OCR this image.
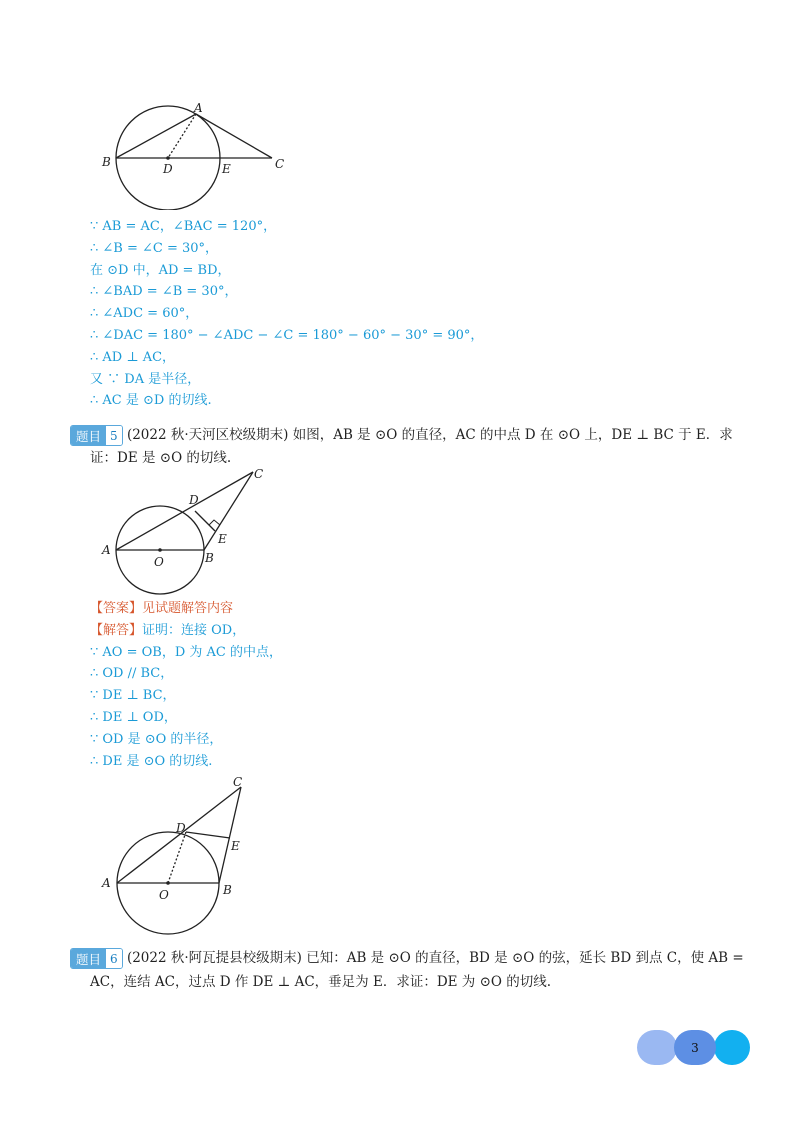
A
B	D	E	C
∵ AB = AC，∠BAC = 120°，
∴ ∠B = ∠C = 30°，
在 ⊙D 中，AD = BD，
∴ ∠BAD = ∠B = 30°，
∴ ∠ADC = 60°，
∴ ∠DAC = 180° − ∠ADC − ∠C = 180° − 60° − 30° = 90°，
∴ AD ⊥ AC，
又 ∵ DA 是半径，
∴ AC 是 ⊙D 的切线.
题目 5 (2022 秋·天河区校级期末) 如图，AB 是 ⊙O 的直径，AC 的中点 D 在 ⊙O 上，DE ⊥ BC 于 E．求
证：DE 是 ⊙O 的切线.
A
O	B
E
D
C
【答案】见试题解答内容
【解答】证明：连接 OD，
∵ AO = OB，D 为 AC 的中点，
∴ OD // BC，
∵ DE ⊥ BC，
∴ DE ⊥ OD，
∵ OD 是 ⊙O 的半径，
∴ DE 是 ⊙O 的切线.
A
O	B
E
D
C
题目 6 (2022 秋·阿瓦提县校级期末) 已知：AB 是 ⊙O 的直径，BD 是 ⊙O 的弦，延长 BD 到点 C，使 AB =
AC，连结 AC，过点 D 作 DE ⊥ AC，垂足为 E．求证：DE 为 ⊙O 的切线.
3
